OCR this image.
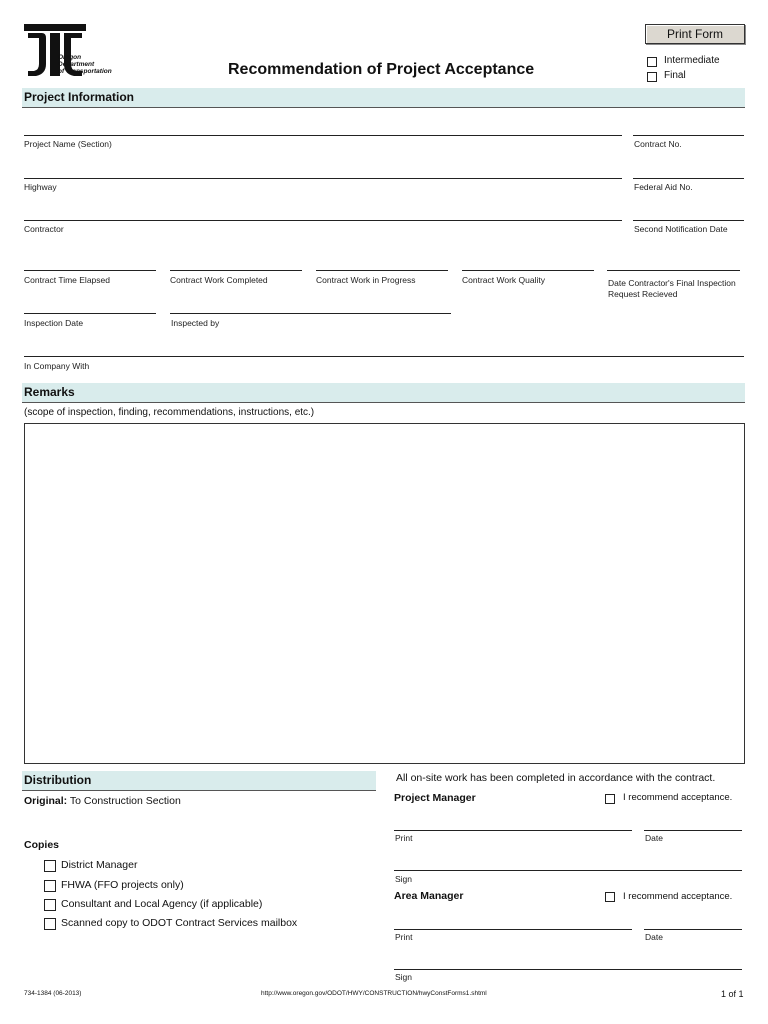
Oregon
Department
of Transportation	Recommendation of Project Acceptance
Print Form
Intermediate
Final
Project Information
Project Name (Section)	Contract No.
Highway	Federal Aid No.
Contractor	Second Notification Date
Contract Time Elapsed	Contract Work Completed	Contract Work in Progress	Contract Work Quality	Date Contractor's Final Inspection
Request Recieved
Inspection Date	Inspected by
In Company With
Remarks
(scope of inspection, finding, recommendations, instructions, etc.)
Distribution
Original: To Construction Section
Copies
District Manager
FHWA (FFO projects only)
Consultant and Local Agency (if applicable)
Scanned copy to ODOT Contract Services mailbox
All on-site work has been completed in accordance with the contract.
Project Manager	I recommend acceptance.
Print	Date
Sign
Area Manager	I recommend acceptance.
Print	Date
Sign
734-1384 (06-2013)	http://www.oregon.gov/ODOT/HWY/CONSTRUCTION/hwyConstForms1.shtml	1 of 1
